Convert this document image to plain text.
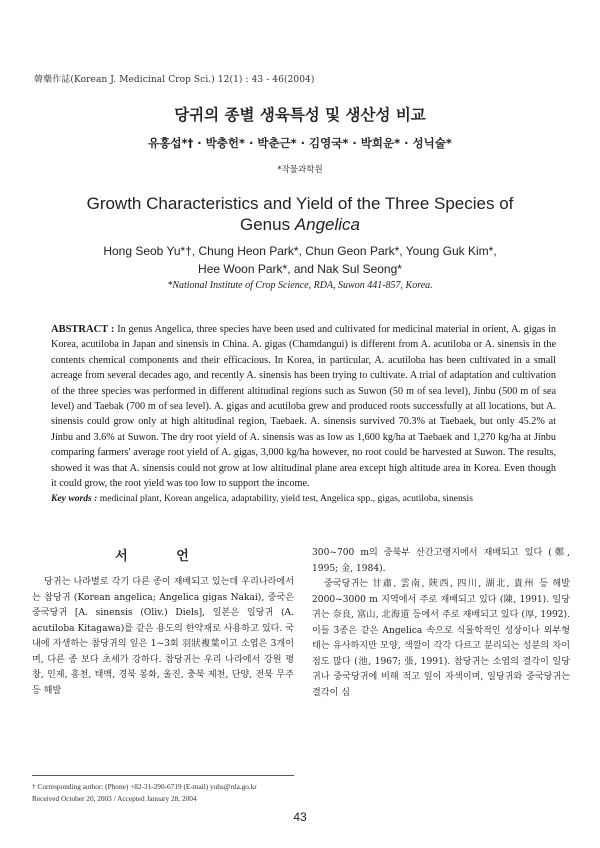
韓藥作誌(Korean J. Medicinal Crop Sci.) 12(1) : 43 - 46(2004)
당귀의 종별 생육특성 및 생산성 비교
유홍섭*† · 박충헌* · 박춘근* · 김영국* · 박희운* · 성닉술*
*작물과학원
Growth Characteristics and Yield of the Three Species of
Genus Angelica
Hong Seob Yu*†, Chung Heon Park*, Chun Geon Park*, Young Guk Kim*,
Hee Woon Park*, and Nak Sul Seong*
*National Institute of Crop Science, RDA, Suwon 441-857, Korea.
ABSTRACT : In genus Angelica, three species have been used and cultivated for medicinal material in orient, A. gigas in Korea, acutiloba in Japan and sinensis in China. A. gigas (Chamdangui) is different from A. acutiloba or A. sinensis in the contents chemical components and their efficacious. In Korea, in particular, A. acutiloba has been cultivated in a small acreage from several decades ago, and recently A. sinensis has been trying to cultivate. A trial of adaptation and cultivation of the three species was performed in different altitudinal regions such as Suwon (50 m of sea level), Jinbu (500 m of sea level) and Taebak (700 m of sea level). A. gigas and acutiloba grew and produced roots successfully at all locations, but A. sinensis could grow only at high altitudinal region, Taebaek. A. sinensis survived 70.3% at Taebaek, but only 45.2% at Jinbu and 3.6% at Suwon. The dry root yield of A. sinensis was as low as 1,600 kg/ha at Taebaek and 1,270 kg/ha at Jinbu comparing farmers' average root yield of A. gigas, 3,000 kg/ha however, no root could be harvested at Suwon. The results, showed it was that A. sinensis could not grow at low altitudinal plane area except high altitude area in Korea. Even though it could grow, the root yield was too low to support the income.
Key words : medicinal plant, Korean angelica, adaptability, yield test, Angelica spp., gigas, acutiloba, sinensis
서 언

당귀는 나라별로 각기 다른 종이 재배되고 있는데 우리나라에서는 참당귀 (Korean angelica; Angelica gigas Nakai), 중국은 중국당귀 [A. sinensis (Oliv.) Diels], 일본은 일당귀 (A. acutiloba Kitagawa)를 같은 용도의 한약재로 사용하고 있다. 국내에 자생하는 참당귀의 잎은 1~3회 羽狀複葉이고 소엽은 3개이며, 다른 종 보다 초세가 강하다. 참당귀는 우리 나라에서 강원 평창, 인제, 홍천, 태백, 경북 봉화, 울진, 충북 제천, 단양, 전북 무주 등 해발

300~700 m의 중북부 산간고랭지에서 재배되고 있다 (鄭, 1995; 金, 1984).

중국당귀는 甘肅, 雲南, 陝西, 四川, 湖北, 貴州 등 해발 2000~3000 m 지역에서 주로 재배되고 있다 (陳, 1991). 일당귀는 奈良, 富山, 北海道 등에서 주로 재배되고 있다 (厚, 1992). 이들 3종은 같은 Angelica 속으로 식물학적인 성상이나 외부형태는 유사하지만 모양, 색깔이 각각 다르고 분리되는 성분의 차이점도 많다 (池, 1967; 張, 1991). 참당귀는 소엽의 결각이 일당귀나 중국당귀에 비해 적고 잎이 자색이며, 일당귀와 중국당귀는 결각이 심

† Corresponding author: (Phone) +82-31-290-6719 (E-mail) yuhs@rda.go.kr
Received October 20, 2003 / Accepted January 28, 2004
43
